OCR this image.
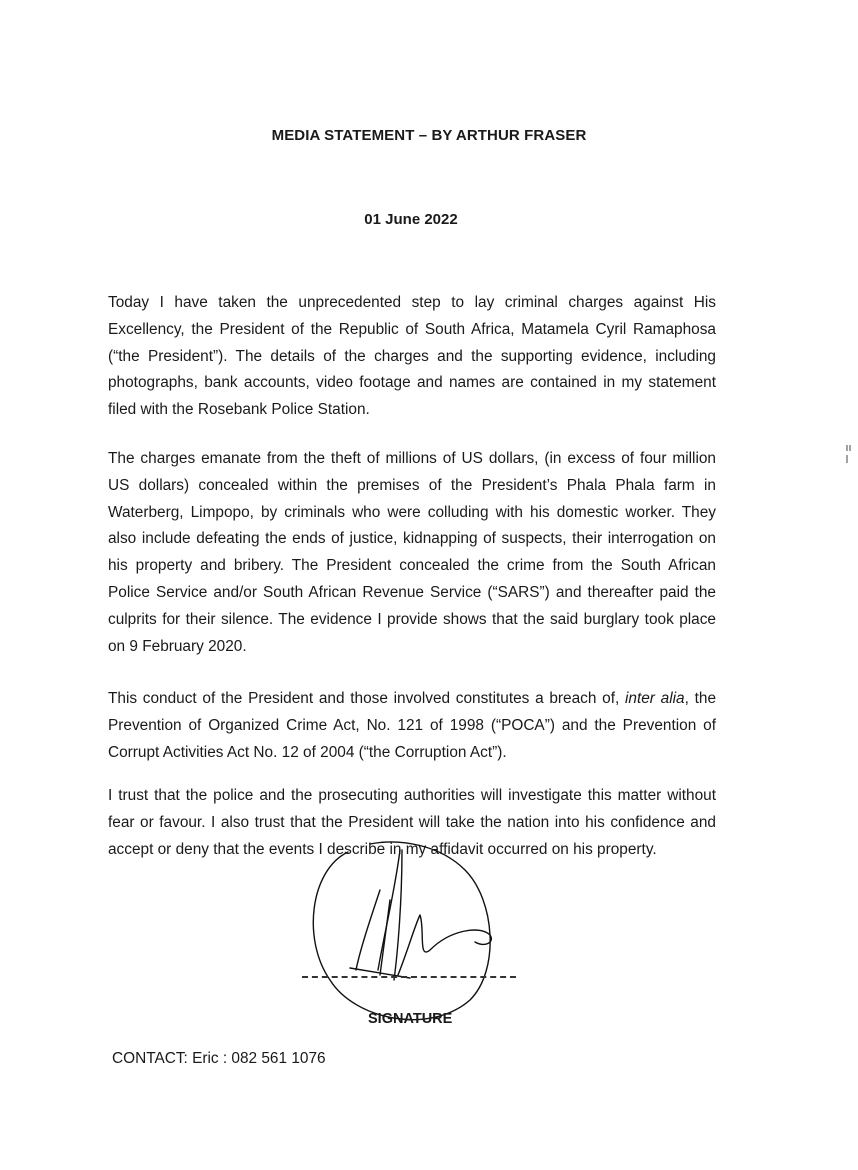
MEDIA STATEMENT – BY ARTHUR FRASER
01 June 2022

Today I have taken the unprecedented step to lay criminal charges against His Excellency, the President of the Republic of South Africa, Matamela Cyril Ramaphosa (“the President”). The details of the charges and the supporting evidence, including photographs, bank accounts, video footage and names are contained in my statement filed with the Rosebank Police Station.

The charges emanate from the theft of millions of US dollars, (in excess of four million US dollars) concealed within the premises of the President’s Phala Phala farm in Waterberg, Limpopo, by criminals who were colluding with his domestic worker. They also include defeating the ends of justice, kidnapping of suspects, their interrogation on his property and bribery. The President concealed the crime from the South African Police Service and/or South African Revenue Service (“SARS”) and thereafter paid the culprits for their silence. The evidence I provide shows that the said burglary took place on 9 February 2020.

This conduct of the President and those involved constitutes a breach of, inter alia, the Prevention of Organized Crime Act, No. 121 of 1998 (“POCA”) and the Prevention of Corrupt Activities Act No. 12 of 2004 (“the Corruption Act”).

I trust that the police and the prosecuting authorities will investigate this matter without fear or favour. I also trust that the President will take the nation into his confidence and accept or deny that the events I describe in my affidavit occurred on his property.

SIGNATURE
CONTACT: Eric : 082 561 1076
